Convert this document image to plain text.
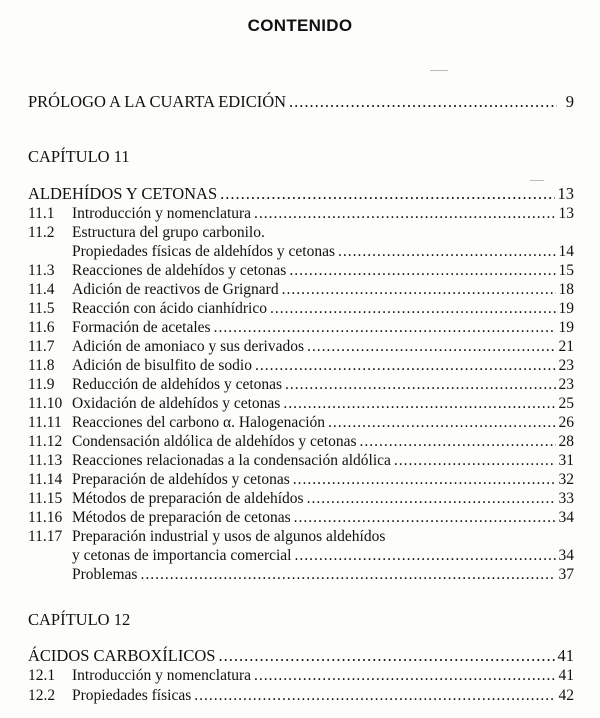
CONTENIDO
PRÓLOGO A LA CUARTA EDICIÓN .....	9
CAPÍTULO 11
ALDEHÍDOS Y CETONAS .....	13
11.1	Introducción y nomenclatura .....	13
11.2	Estructura del grupo carbonilo.
Propiedades físicas de aldehídos y cetonas .....	14
11.3	Reacciones de aldehídos y cetonas .....	15
11.4	Adición de reactivos de Grignard .....	18
11.5	Reacción con ácido cianhídrico .....	19
11.6	Formación de acetales .....	19
11.7	Adición de amoniaco y sus derivados .....	21
11.8	Adición de bisulfito de sodio .....	23
11.9	Reducción de aldehídos y cetonas .....	23
11.10 Oxidación de aldehídos y cetonas .....	25
11.11 Reacciones del carbono α. Halogenación .....	26
11.12 Condensación aldólica de aldehídos y cetonas .....	28
11.13 Reacciones relacionadas a la condensación aldólica .....	31
11.14 Preparación de aldehídos y cetonas .....	32
11.15 Métodos de preparación de aldehídos .....	33
11.16 Métodos de preparación de cetonas .....	34
11.17 Preparación industrial y usos de algunos aldehídos
y cetonas de importancia comercial .....	34
Problemas .....	37
CAPÍTULO 12
ÁCIDOS CARBOXÍLICOS .....	41
12.1	Introducción y nomenclatura .....	41
12.2	Propiedades físicas .....	42
